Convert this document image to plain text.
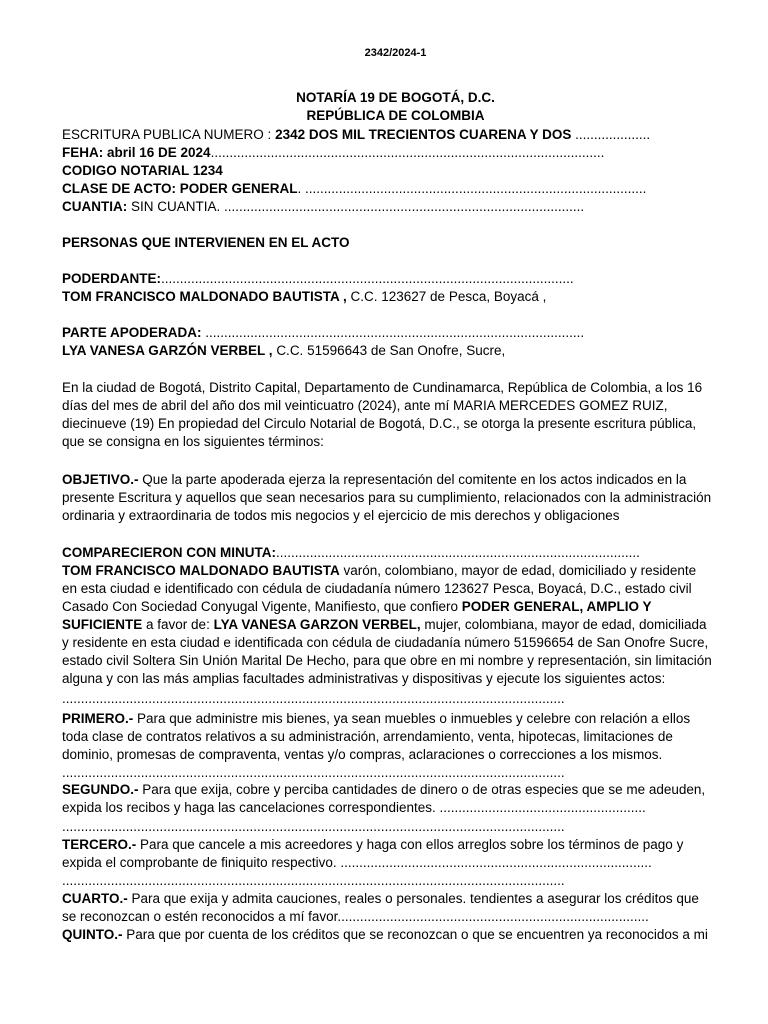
2342/2024-1
NOTARÍA 19 DE BOGOTÁ, D.C.
REPÚBLICA DE COLOMBIA
ESCRITURA PUBLICA NUMERO : 2342 DOS MIL TRECIENTOS CUARENA Y DOS ....................
FEHA: abril 16 DE 2024.........................................................................................................
CODIGO NOTARIAL 1234
CLASE DE ACTO: PODER GENERAL. ...........................................................................................
CUANTIA: SIN CUANTIA. ................................................................................................
PERSONAS QUE INTERVIENEN EN EL ACTO
PODERDANTE:..............................................................................................................
TOM FRANCISCO MALDONADO BAUTISTA , C.C. 123627 de Pesca, Boyacá ,
PARTE APODERADA: .....................................................................................................
LYA VANESA GARZÓN VERBEL , C.C. 51596643 de San Onofre, Sucre,
En la ciudad de Bogotá, Distrito Capital, Departamento de Cundinamarca, República de Colombia, a los 16
días del mes de abril del año dos mil veinticuatro (2024), ante mí MARIA MERCEDES GOMEZ RUIZ,
diecinueve (19) En propiedad del Circulo Notarial de Bogotá, D.C., se otorga la presente escritura pública,
que se consigna en los siguientes términos:
OBJETIVO.- Que la parte apoderada ejerza la representación del comitente en los actos indicados en la
presente Escritura y aquellos que sean necesarios para su cumplimiento, relacionados con la administración
ordinaria y extraordinaria de todos mis negocios y el ejercicio de mis derechos y obligaciones
COMPARECIERON CON MINUTA:.................................................................................................
TOM FRANCISCO MALDONADO BAUTISTA varón, colombiano, mayor de edad, domiciliado y residente
en esta ciudad e identificado con cédula de ciudadanía número 123627 Pesca, Boyacá, D.C., estado civil
Casado Con Sociedad Conyugal Vigente, Manifiesto, que confiero PODER GENERAL, AMPLIO Y
SUFICIENTE a favor de: LYA VANESA GARZON VERBEL, mujer, colombiana, mayor de edad, domiciliada
y residente en esta ciudad e identificada con cédula de ciudadanía número 51596654 de San Onofre Sucre,
estado civil Soltera Sin Unión Marital De Hecho, para que obre en mi nombre y representación, sin limitación
alguna y con las más amplias facultades administrativas y dispositivas y ejecute los siguientes actos:
......................................................................................................................................
PRIMERO.- Para que administre mis bienes, ya sean muebles o inmuebles y celebre con relación a ellos
toda clase de contratos relativos a su administración, arrendamiento, venta, hipotecas, limitaciones de
dominio, promesas de compraventa, ventas y/o compras, aclaraciones o correcciones a los mismos.
......................................................................................................................................
SEGUNDO.- Para que exija, cobre y perciba cantidades de dinero o de otras especies que se me adeuden,
expida los recibos y haga las cancelaciones correspondientes. .......................................................
......................................................................................................................................
TERCERO.- Para que cancele a mis acreedores y haga con ellos arreglos sobre los términos de pago y
expida el comprobante de finiquito respectivo. ...................................................................................
......................................................................................................................................
CUARTO.- Para que exija y admita cauciones, reales o personales. tendientes a asegurar los créditos que
se reconozcan o estén reconocidos a mí favor...................................................................................
QUINTO.- Para que por cuenta de los créditos que se reconozcan o que se encuentren ya reconocidos a mi
